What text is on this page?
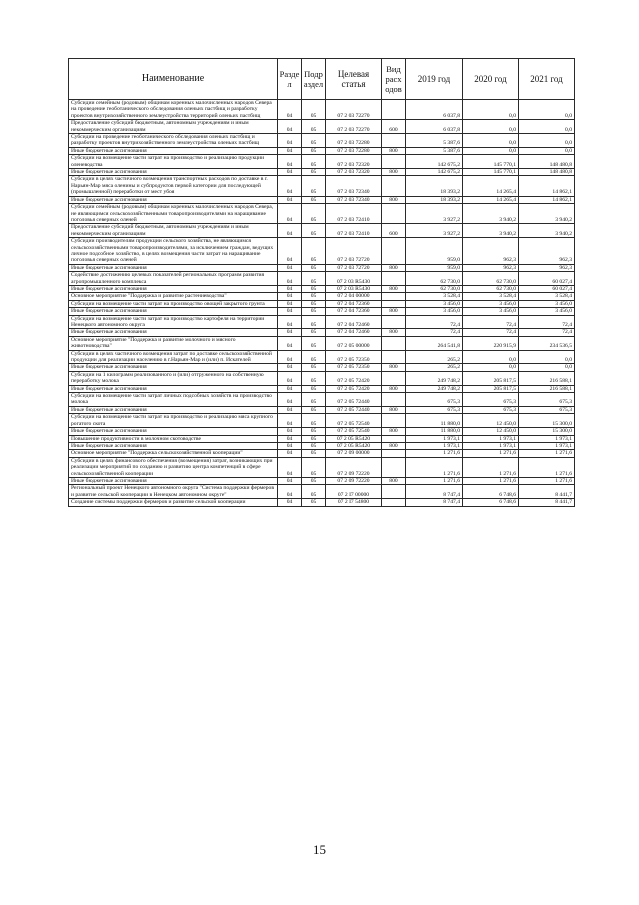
Наименование	Разде л	Подр аздел	Целевая статья	Вид расх одов	2019 год	2020 год	2021 год
Субсидии семейным (родовым) общинам коренных малочисленных народов Севера на проведение геоботанического обследования оленьих пастбищ и разработку проектов внутрихозяйственного землеустройства территорий оленьих пастбищ	04	05	07 2 03 72270		6 037,8	0,0	0,0
Предоставление субсидий бюджетным, автономным учреждениям и иным некоммерческим организациям	04	05	07 2 03 72270	600	6 037,8	0,0	0,0
Субсидии на проведение геоботанического обследования оленьих пастбищ и разработку проектов внутрихозяйственного землеустройства оленьих пастбищ	04	05	07 2 03 72280		5 387,6	0,0	0,0
Иные бюджетные ассигнования	04	05	07 2 03 72280	800	5 387,6	0,0	0,0
Субсидии на возмещение части затрат на производство и реализацию продукции оленеводства	04	05	07 2 03 72320		142 675,2	145 770,1	148 480,8
Иные бюджетные ассигнования	04	05	07 2 03 72320	800	142 675,2	145 770,1	148 480,8
Субсидии в целях частичного возмещения транспортных расходов по доставке в г. Нарьян-Мар мяса оленины и субпродуктов первой категории для последующей (промышленной) переработки от мест убоя	04	05	07 2 03 72340		18 393,2	14 265,4	14 862,1
Иные бюджетные ассигнования	04	05	07 2 03 72340	800	18 393,2	14 265,4	14 862,1
Субсидии семейным (родовым) общинам коренных малочисленных народов Севера, не являющимся сельскохозяйственными товаропроизводителями на наращивание поголовья северных оленей	04	05	07 2 03 72410		3 927,2	3 940,2	3 940,2
Предоставление субсидий бюджетным, автономным учреждениям и иным некоммерческим организациям	04	05	07 2 03 72410	600	3 927,2	3 940,2	3 940,2
Субсидии производителям продукции сельского хозяйства, не являющимся сельскохозяйственными товаропроизводителями, за исключением граждан, ведущих личное подсобное хозяйство, в целях возмещения части затрат на наращивание поголовья северных оленей	04	05	07 2 03 72720		959,0	962,3	962,3
Иные бюджетные ассигнования	04	05	07 2 03 72720	800	959,0	962,3	962,3
Содействие достижению целевых показателей региональных программ развития агропромышленного комплекса	04	05	07 2 03 R5430		62 730,0	62 730,0	60 027,4
Иные бюджетные ассигнования	04	05	07 2 03 R5430	800	62 730,0	62 730,0	60 027,4
Основное мероприятие "Поддержка и развитие растениеводства"	04	05	07 2 04 00000		3 528,4	3 528,4	3 528,4
Субсидии на возмещение части затрат на производство овощей закрытого грунта	04	05	07 2 04 72360		3 456,0	3 456,0	3 456,0
Иные бюджетные ассигнования	04	05	07 2 04 72360	800	3 456,0	3 456,0	3 456,0
Субсидии на возмещение части затрат на производство картофеля на территории Ненецкого автономного округа	04	05	07 2 04 72460		72,4	72,4	72,4
Иные бюджетные ассигнования	04	05	07 2 04 72460	800	72,4	72,4	72,4
Основное мероприятие "Поддержка и развитие молочного и мясного животноводства"	04	05	07 2 05 00000		264 541,8	220 915,9	234 536,5
Субсидии в целях частичного возмещения затрат по доставке сельскохозяйственной продукции для реализации населению в г.Нарьян-Мар и (или) п. Искателей	04	05	07 2 05 72350		265,2	0,0	0,0
Иные бюджетные ассигнования	04	05	07 2 05 72350	800	265,2	0,0	0,0
Субсидии на 1 килограмм реализованного и (или) отгруженного на собственную переработку молока	04	05	07 2 05 72420		249 748,2	205 817,5	216 588,1
Иные бюджетные ассигнования	04	05	07 2 05 72420	800	249 748,2	205 817,5	216 588,1
Субсидии на возмещение части затрат личных подсобных хозяйств на производство молока	04	05	07 2 05 72440		675,3	675,3	675,3
Иные бюджетные ассигнования	04	05	07 2 05 72440	800	675,3	675,3	675,3
Субсидии на возмещение части затрат на производство и реализацию мяса крупного рогатого скота	04	05	07 2 05 72540		11 880,0	12 450,0	15 300,0
Иные бюджетные ассигнования	04	05	07 2 05 72540	800	11 880,0	12 450,0	15 300,0
Повышение продуктивности в молочном скотоводстве	04	05	07 2 05 R5420		1 973,1	1 973,1	1 973,1
Иные бюджетные ассигнования	04	05	07 2 05 R5420	800	1 973,1	1 973,1	1 973,1
Основное мероприятие "Поддержка сельскохозяйственной кооперации"	04	05	07 2 09 00000		1 271,6	1 271,6	1 271,6
Субсидии в целях финансового обеспечения (возмещения) затрат, возникающих при реализации мероприятий по созданию и развитию центра компетенций в сфере сельскохозяйственной кооперации	04	05	07 2 09 72220		1 271,6	1 271,6	1 271,6
Иные бюджетные ассигнования	04	05	07 2 09 72220	800	1 271,6	1 271,6	1 271,6
Региональный проект Ненецкого автономного округа "Система поддержки фермеров и развитие сельской кооперации в Ненецком автономном округе"	04	05	07 2 I7 00000		8 747,4	6 748,6	8 441,7
Создание системы поддержки фермеров и развитие сельской кооперации	04	05	07 2 I7 54800		8 747,4	6 748,6	8 441,7
15
